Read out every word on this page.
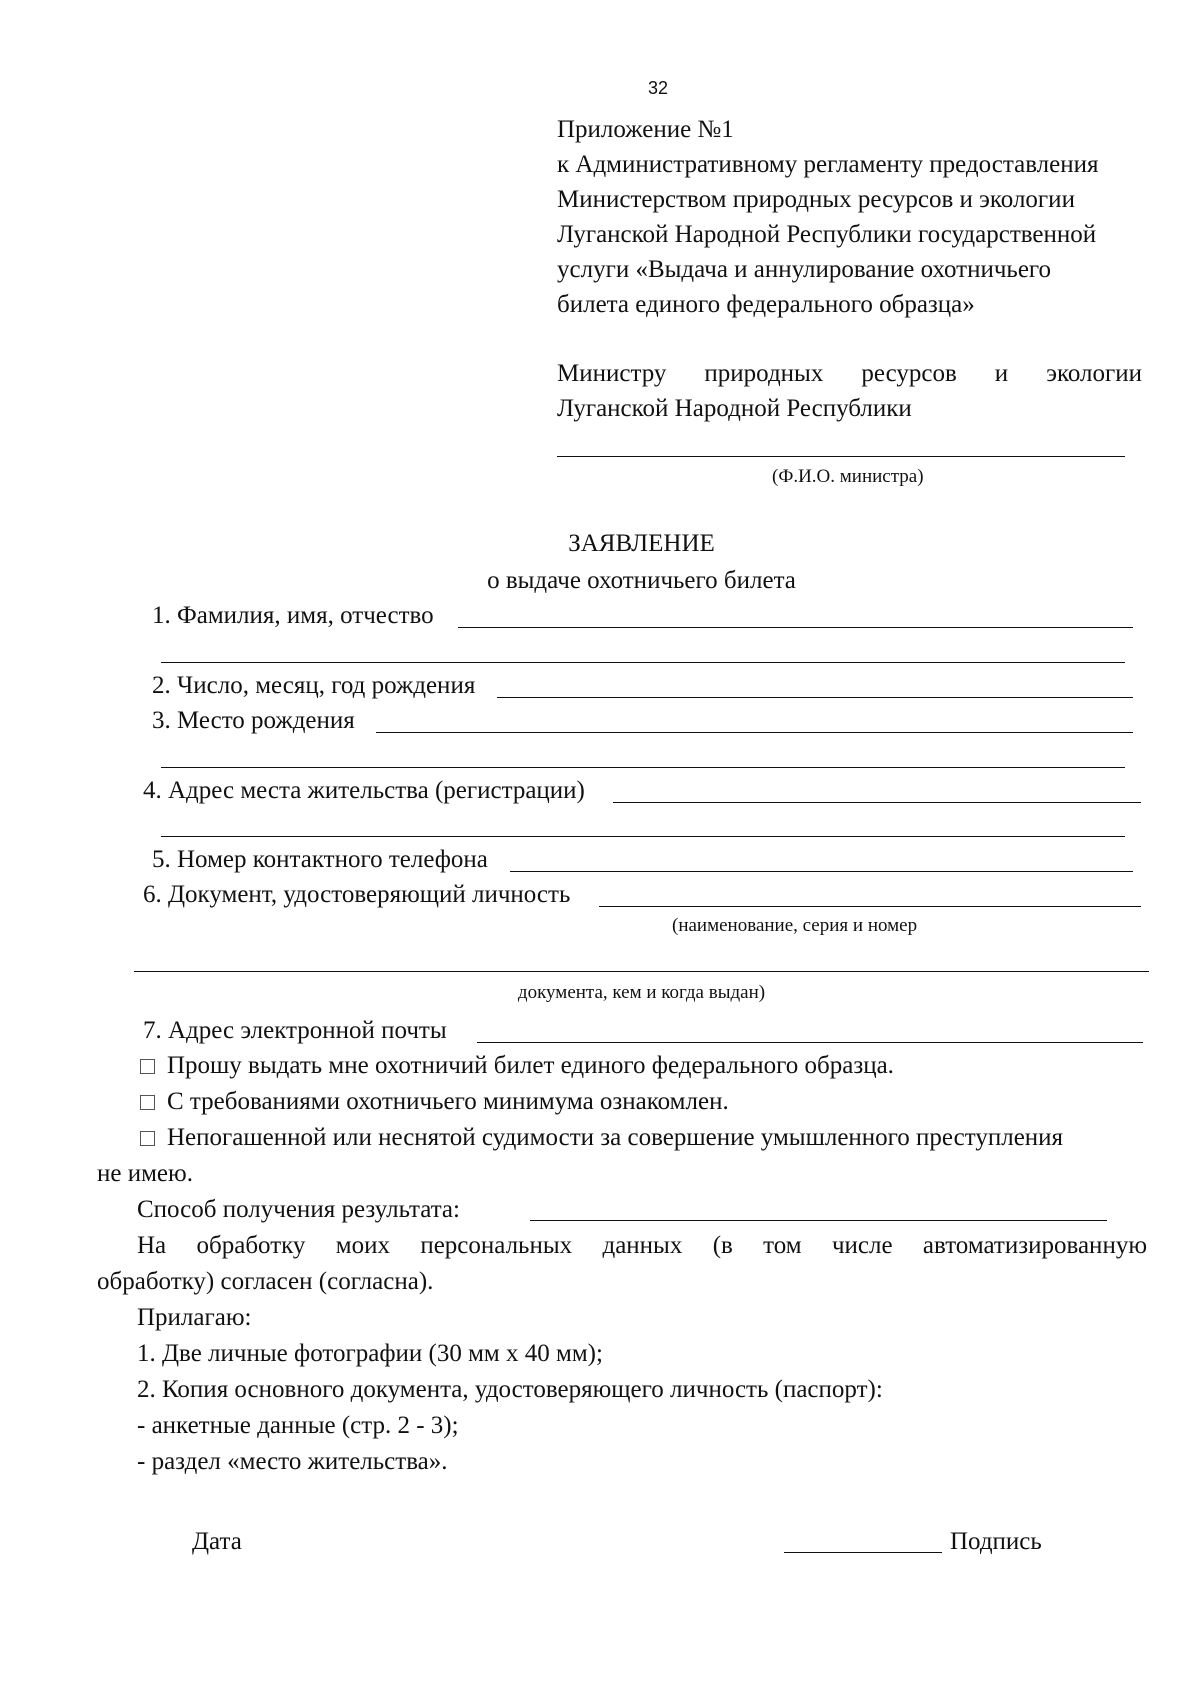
32
Приложение №1
к Административному регламенту предоставления
Министерством природных ресурсов и экологии
Луганской Народной Республики государственной
услуги «Выдача и аннулирование охотничьего
билета единого федерального образца»
Министру природных ресурсов и экологии
Луганской Народной Республики
(Ф.И.О. министра)
ЗАЯВЛЕНИЕ
о выдаче охотничьего билета
1. Фамилия, имя, отчество
2. Число, месяц, год рождения
3. Место рождения
4. Адрес места жительства (регистрации)
5. Номер контактного телефона
6. Документ, удостоверяющий личность
(наименование, серия и номер
документа, кем и когда выдан)
7. Адрес электронной почты
Прошу выдать мне охотничий билет единого федерального образца.
С требованиями охотничьего минимума ознакомлен.
Непогашенной или неснятой судимости за совершение умышленного преступления
не имею.
Способ получения результата:
На обработку моих персональных данных (в том числе автоматизированную
обработку) согласен (согласна).
Прилагаю:
1. Две личные фотографии (30 мм х 40 мм);
2. Копия основного документа, удостоверяющего личность (паспорт):
- анкетные данные (стр. 2 - 3);
- раздел «место жительства».
Дата	Подпись
